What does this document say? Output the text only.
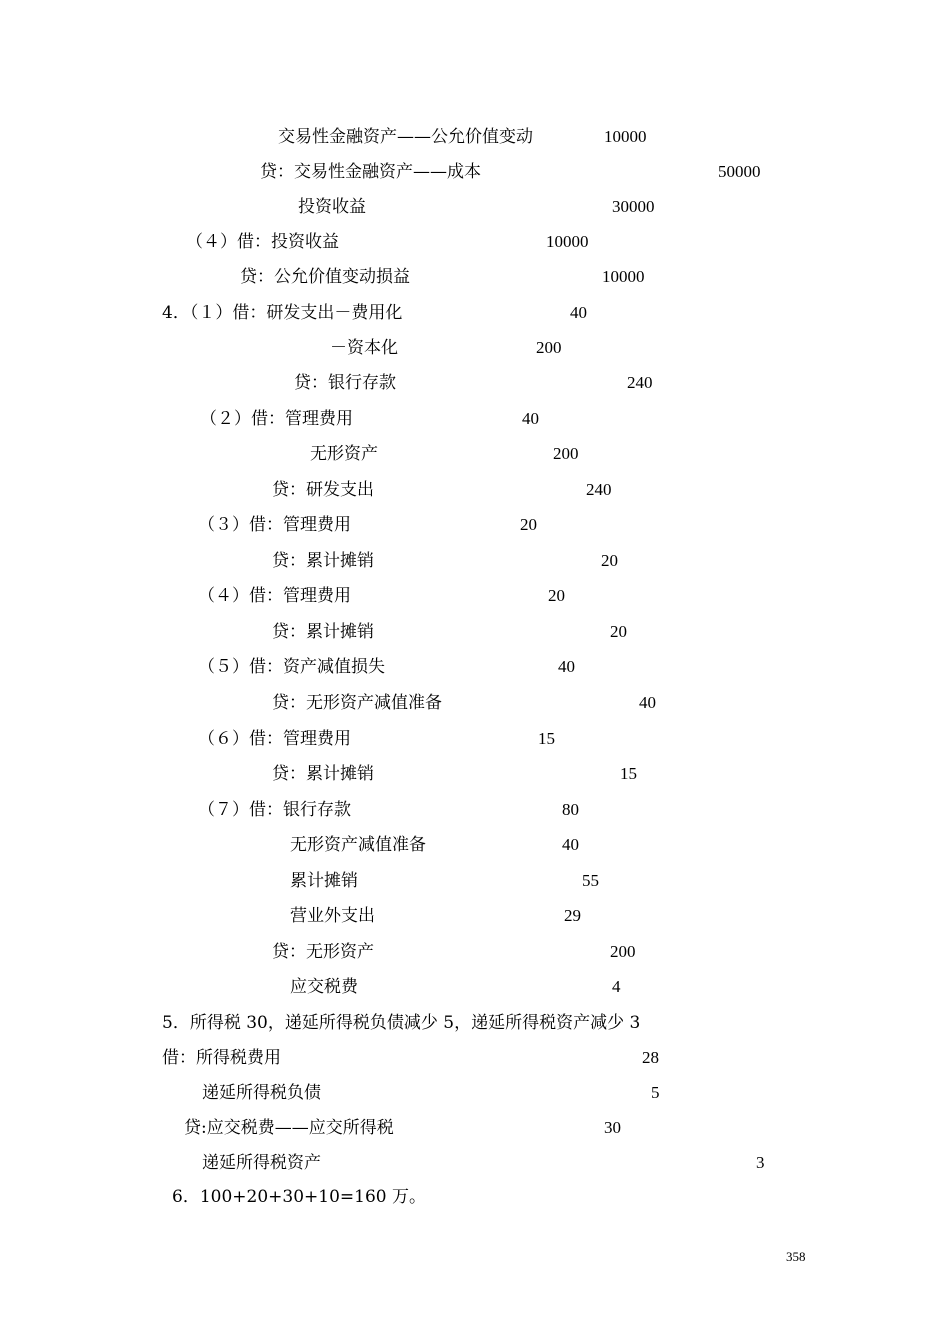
交易性金融资产——公允价值变动	10000
贷：交易性金融资产——成本	50000
投资收益	30000
（４）借：投资收益	10000
贷：公允价值变动损益	10000
4．（１）借：研发支出－费用化	40
－资本化	200
贷：银行存款	240
（２）借：管理费用	40
无形资产	200
贷：研发支出	240
（３）借：管理费用	20
贷：累计摊销	20
（４）借：管理费用	20
贷：累计摊销	20
（５）借：资产减值损失	40
贷：无形资产减值准备	40
（６）借：管理费用	15
贷：累计摊销	15
（７）借：银行存款	80
无形资产减值准备	40
累计摊销	55
营业外支出	29
贷：无形资产	200
应交税费	4
5．所得税 30，递延所得税负债减少 5，递延所得税资产减少 3
借：所得税费用	28
递延所得税负债	5
贷:应交税费——应交所得税	30
递延所得税资产	3
6．100+20+30+10=160 万。
358
